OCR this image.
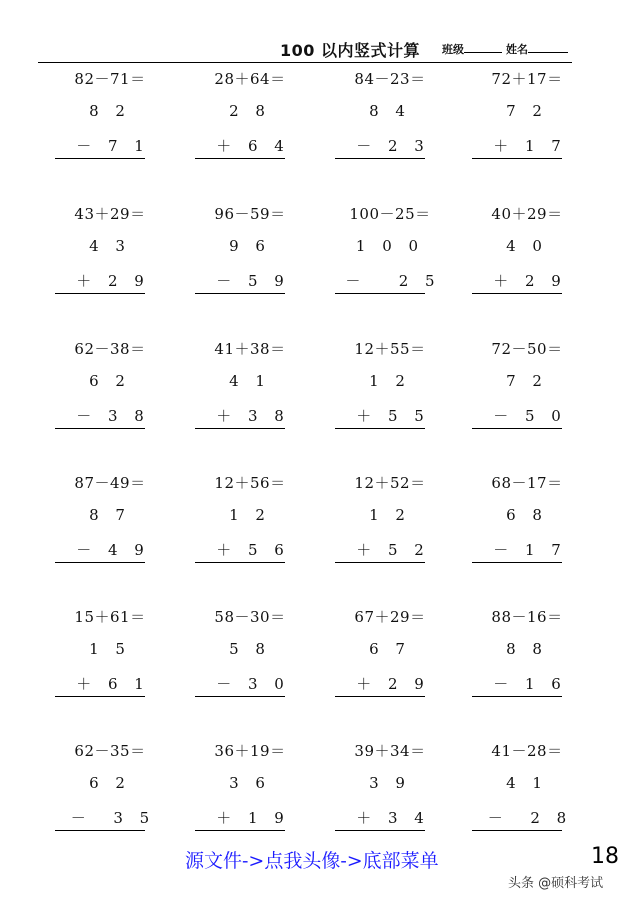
100 以内竖式计算 班级	姓名
82－71＝
8 2
－ 7 1
28＋64＝
2 8
＋ 6 4
84－23＝
8 4
－ 2 3
72＋17＝
7 2
＋ 1 7
43＋29＝
4 3
＋ 2 9
96－59＝
9 6
－ 5 9
100－25＝
1 0 0
－   2 5
40＋29＝
4 0
＋ 2 9
62－38＝
6 2
－ 3 8
41＋38＝
4 1
＋ 3 8
12＋55＝
1 2
＋ 5 5
72－50＝
7 2
－ 5 0
87－49＝
8 7
－ 4 9
12＋56＝
1 2
＋ 5 6
12＋52＝
1 2
＋ 5 2
68－17＝
6 8
－ 1 7
15＋61＝
1 5
＋ 6 1
58－30＝
5 8
－ 3 0
67＋29＝
6 7
＋ 2 9
88－16＝
8 8
－ 1 6
62－35＝
6 2
－  3 5
36＋19＝
3 6
＋ 1 9
39＋34＝
3 9
＋ 3 4
41－28＝
4 1
－  2 8
源文件->点我头像->底部菜单	18
头条 @硕科考试
